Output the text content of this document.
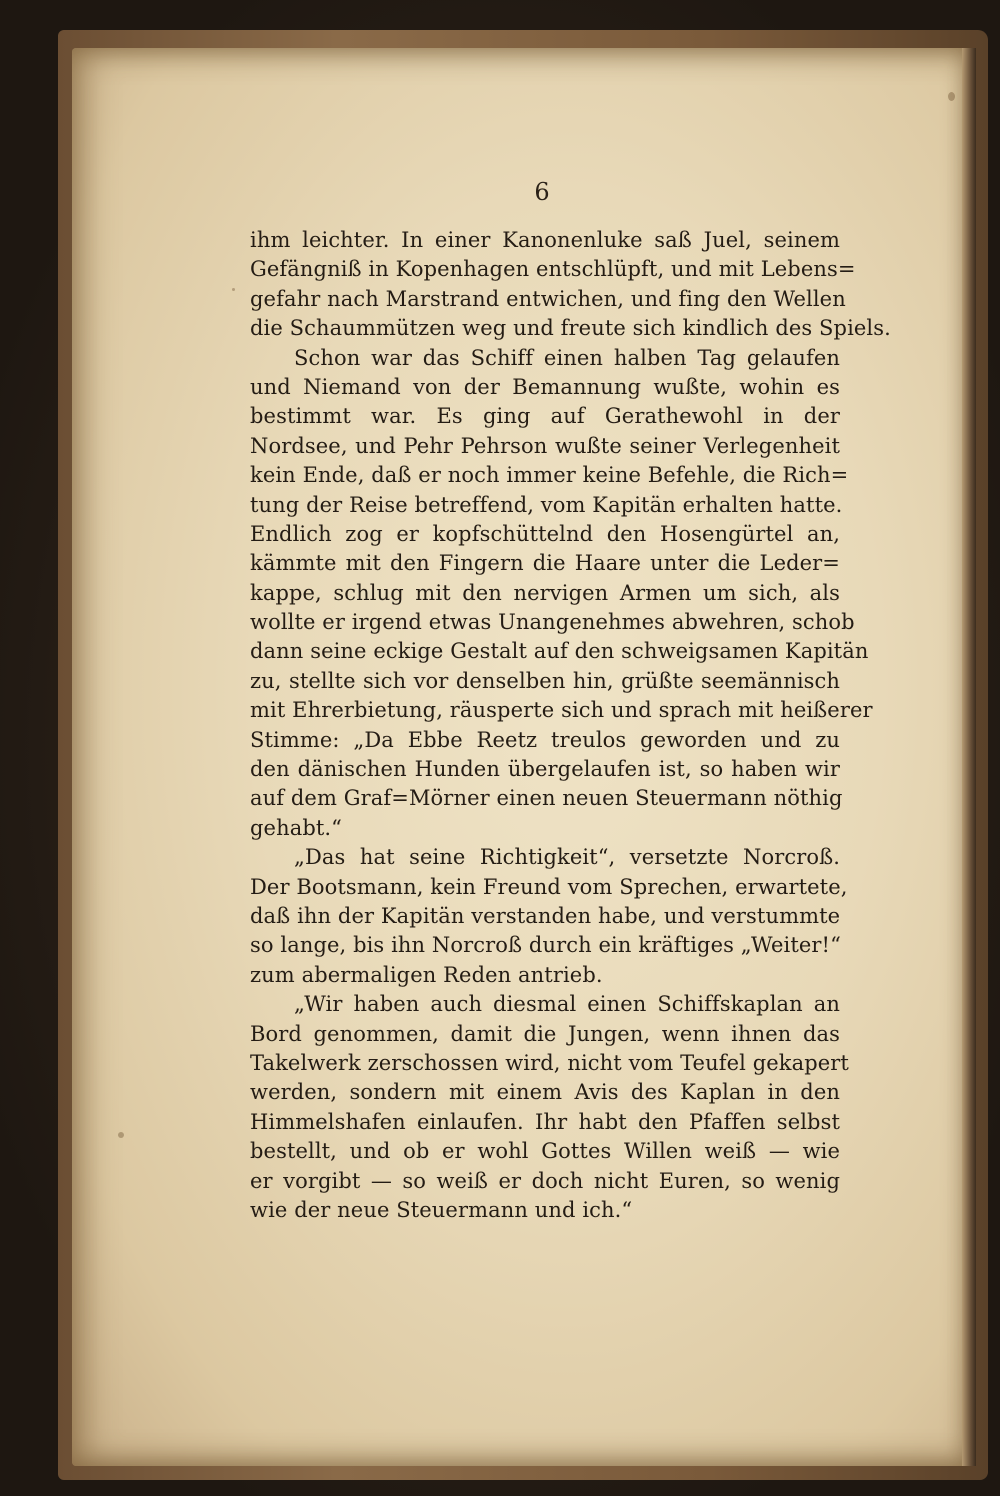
6
ihm leichter. In einer Kanonenluke saß Juel, seinem
Gefängniß in Kopenhagen entschlüpft, und mit Lebens=
gefahr nach Marstrand entwichen, und fing den Wellen
die Schaummützen weg und freute sich kindlich des Spiels.
Schon war das Schiff einen halben Tag gelaufen
und Niemand von der Bemannung wußte, wohin es
bestimmt war. Es ging auf Gerathewohl in der
Nordsee, und Pehr Pehrson wußte seiner Verlegenheit
kein Ende, daß er noch immer keine Befehle, die Rich=
tung der Reise betreffend, vom Kapitän erhalten hatte.
Endlich zog er kopfschüttelnd den Hosengürtel an,
kämmte mit den Fingern die Haare unter die Leder=
kappe, schlug mit den nervigen Armen um sich, als
wollte er irgend etwas Unangenehmes abwehren, schob
dann seine eckige Gestalt auf den schweigsamen Kapitän
zu, stellte sich vor denselben hin, grüßte seemännisch
mit Ehrerbietung, räusperte sich und sprach mit heißerer
Stimme: „Da Ebbe Reetz treulos geworden und zu
den dänischen Hunden übergelaufen ist, so haben wir
auf dem Graf=Mörner einen neuen Steuermann nöthig
gehabt.“
„Das hat seine Richtigkeit“, versetzte Norcroß.
Der Bootsmann, kein Freund vom Sprechen, erwartete,
daß ihn der Kapitän verstanden habe, und verstummte
so lange, bis ihn Norcroß durch ein kräftiges „Weiter!“
zum abermaligen Reden antrieb.
„Wir haben auch diesmal einen Schiffskaplan an
Bord genommen, damit die Jungen, wenn ihnen das
Takelwerk zerschossen wird, nicht vom Teufel gekapert
werden, sondern mit einem Avis des Kaplan in den
Himmelshafen einlaufen. Ihr habt den Pfaffen selbst
bestellt, und ob er wohl Gottes Willen weiß — wie
er vorgibt — so weiß er doch nicht Euren, so wenig
wie der neue Steuermann und ich.“
